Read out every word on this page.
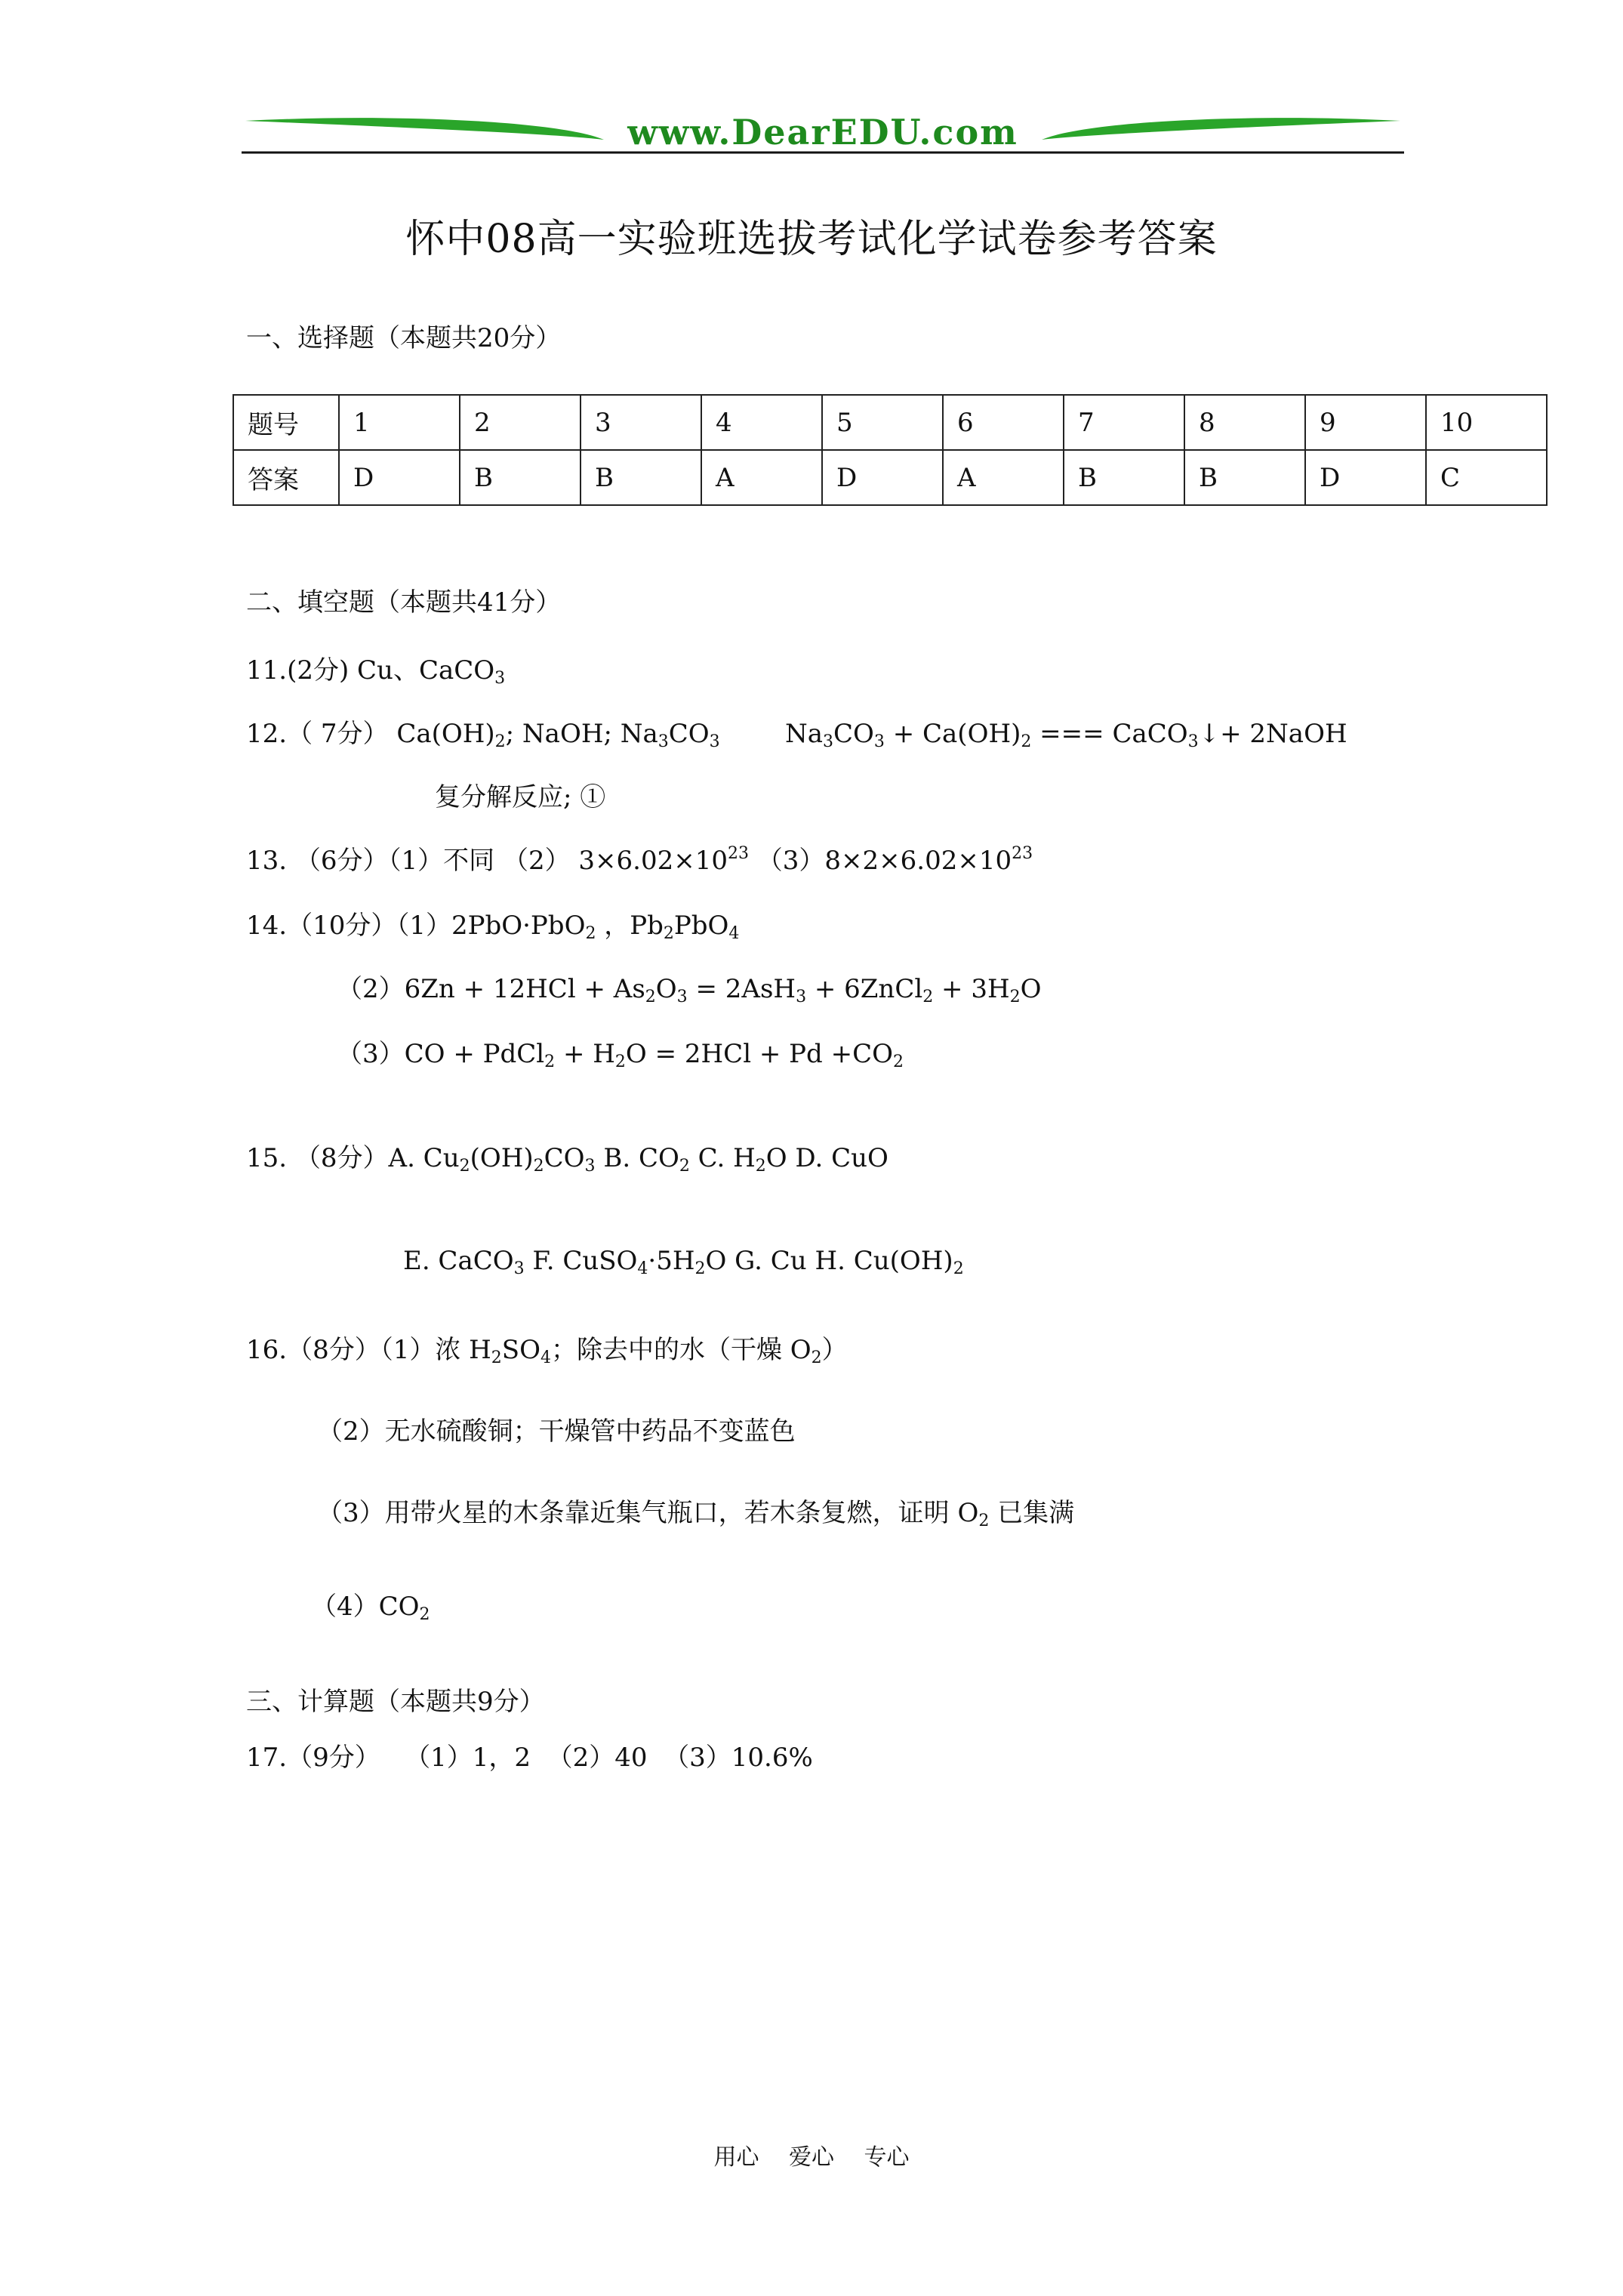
www.DearEDU.com
怀中08高一实验班选拔考试化学试卷参考答案
一、选择题（本题共20分）
题号	1	2	3	4	5	6	7	8	9	10
答案	D	B	B	A	D	A	B	B	D	C
二、填空题（本题共41分）
11.(2分) Cu、CaCO$_3$
12.（ 7分） $Ca(OH)_2$; NaOH; $Na_3CO_3$	$Na_3CO_3 + Ca(OH)_2$ === CaCO$_3$↓+ 2NaOH
复分解反应; ①
13. （6分）（1）不同 （2） $3\times 6.02\times 10^{23}$ $(3)8\times 2\times 6.02\times 10^{23}$
14.（10分）（1）2PbO·PbO$_2$ ，$Pb_2PbO_4$
$(2)6Zn + 12HCl + As_2O_3 = 2AsH_3$ + 6ZnCl$_2$ + $3H_2O$
（3）CO + PdCl$_2$ + $H_2O = 2HCl + Pd +CO_2$
15. （8分）A. $Cu_2(OH)_2CO_3$ B. $CO_2$ C. $H_2O$ D. CuO
E. CaCO$_3$ F. $CuSO_4\cdot 5H_2O$ G. Cu H. $Cu(OH)_2$
16.（8分）（1）浓 $H_2SO_4$；除去中的水（干燥 $O_2$）
（2）无水硫酸铜；干燥管中药品不变蓝色
（3）用带火星的木条靠近集气瓶口，若木条复燃，证明 $O_2$ 已集满
$(4)CO_2$
三、计算题（本题共9分）
17.（9分）   （1）1，2  （2）40  （3）10.6%
用心 爱心 专心
